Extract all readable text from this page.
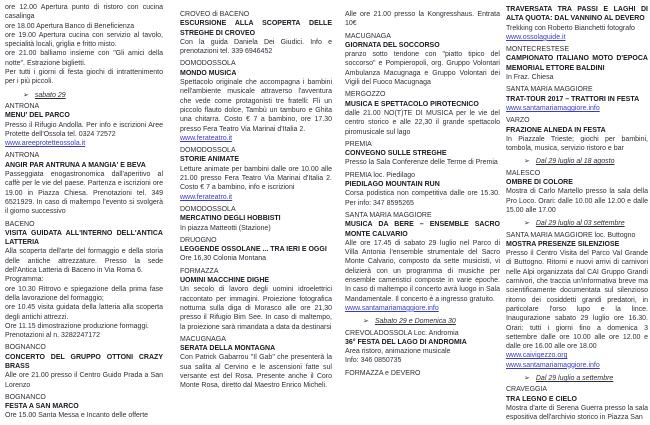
ore 12.00 Apertura punto di ristoro con cucina casalinga
ore 18.00 Apertura Banco di Beneficienza
ore 19.00 Apertura cucina con servizio al tavolo, specialità locali, griglia e fritto misto.
ore 21.00 balliamo insieme con "Gli amici della notte". Estrazione biglietti.
Per tutti i giorni di festa giochi di intrattenimento per i più piccoli.
➢ sabato 29
ANTRONA
MENU' DEL PARCO
Presso il Rifugio Andolla. Per info e iscrizioni Aree Protette dell'Ossola tel. 0324 72572
www.areeprotetteossola.it
ANTRONA
ANGIR PAR ANTRUNA A MANGIA' E BEVA
Passeggiata enogastronomica dall'aperitivo al caffè per le vie del paese. Partenza e iscrizioni ore 19.00 in Piazza Chiesa. Prenotazioni tel. 349 6521929. In caso di maltempo l'evento si svolgerà il giorno successivo
BACENO
VISITA GUIDATA ALL'INTERNO DELL'ANTICA LATTERIA
Alla scoperta dell'arte del formaggio e della storia delle antiche attrezzature. Presso la sede dell'Antica Latteria di Baceno in Via Roma 6.
Programma:
ore 10.30 Ritrovo e spiegazione della prima fase della lavorazione del formaggio;
ore 10.45 visita guidata della latteria alla scoperta degli antichi attrezzi.
Ore 11.15 dimostrazione produzione formaggi.
Prenotazioni al n. 3282247172
BOGNANCO
CONCERTO DEL GRUPPO OTTONI CRAZY BRASS
Alle ore 21.00 presso il Centro Guido Prada a San Lorenzo
BOGNANCO
FESTA A SAN MARCO
Ore 15.00 Santa Messa e Incanto delle offerte
CROVEO di BACENO
ESCURSIONE ALLA SCOPERTA DELLE STREGHE DI CROVEO
Con la guida Daniela Dei Giudici. Info e prenotazioni tel. 339 6946452
DOMODOSSOLA
MONDO MUSICA
Spettacolo originale che accompagna i bambini nell'ambiente musicale attraverso l'avventura che vede come protagonisti tre fratelli: Fli un piccolo flauto dolce, Tambù un tamburo e Ghita una chitarra. Costo € 7 a bambino, ore 17.30 presso Fera Teatro Via Marinai d'Italia 2.
www.ferateatro.it
DOMODOSSOLA
STORIE ANIMATE
Letture animate per bambini dalle ore 10.00 alle 21.00 presso Fera Teatro Via Marinai d'Italia 2. Costo € 7 a bambino, info e iscrizioni
www.ferateatro.it
DOMODOSSOLA
MERCATINO DEGLI HOBBISTI
In piazza Matteotti (Stazione)
DRUOGNO
LEGGENDE OSSOLANE ... TRA IERI E OGGI
Ore 16,30 Colonia Montana
FORMAZZA
UOMINI MACCHINE DIGHE
Un secolo di lavoro degli uomini idroelettrici raccontato per immagini. Proiezione fotografica notturna sulla diga di Morasco alle ore 21,30 presso il Rifugio Bim See. In caso di maltempo, la proiezione sarà rimandata a data da destinarsi
MACUGNAGA
SERATA DELLA MONTAGNA
Con Patrick Gabarrou "Il Gab" che presenterà la sua salita al Cervino e le ascensioni fatte sul versante est del Rosa. Presente anche il Coro Monte Rosa, diretto dal Maestro Enrico Micheli.
Alle ore 21.00 presso la Kongresshaus. Entrata 10€
MACUGNAGA
GIORNATA DEL SOCCORSO
pranzo sotto tendone con "piatto tipico del soccorso" e Pompieropoli, org. Gruppo Volontari Ambulanza Macugnaga e Gruppo Volontari dei Vigili del Fuoco Macugnaga
MERGOZZO
MUSICA E SPETTACOLO PIROTECNICO
dalle 21.00 NO(T)TE DI MUSICA per le vie del centro storico e alle 22,30 il grande spettacolo piromusicale sul lago
PREMIA
CONVEGNO SULLE STREGHE
Presso la Sala Conferenze delle Terme di Premia
PREMIA loc. Piedilago
PIEDILAGO MOUNTAIN RUN
Corsa podistica non competitiva dalle ore 15.30. Per info: 347 8595265
SANTA MARIA MAGGIORE
MUSICA DA BERE – ENSEMBLE SACRO MONTE CALVARIO
Alle ore 17.45 di sabato 29 luglio nel Parco di Villa Antonia l'ensemble strumentale del Sacro Monte Calvario, composto da sette musicisti, vi delizierà con un programma di musiche per ensemble cameristici composte in varie epoche. In caso di maltempo il concerto avrà luogo in Sala Mandamentale. Il concerto è a ingresso gratuito.
www.santamariamaggiore.info
➢ Sabato 29 e Domenica 30
CREVOLADOSSOLA Loc. Andromia
36° FESTA DEL LAGO DI ANDROMIA
Area ristoro, animazione musicale
Info: 346 0850735
FORMAZZA e DEVERO
TRAVERSATA TRA PASSI E LAGHI DI ALTA QUOTA: DAL VANNINO AL DEVERO
Trekking con Roberto Bianchetti fotografo
www.ossolaguide.it
MONTECRESTESE
CAMPIONATO ITALIANO MOTO D'EPOCA MEMORIAL ETTORE BALDINI
In Fraz. Chiesa
SANTA MARIA MAGGIORE
TRAT-TOUR 2017 – TRATTORI IN FESTA
www.santamariamaggiore.info
VARZO
FRAZIONE ALNEDA IN FESTA
In Piazzale Trieste; giochi per bambini, tombola, musica, servizio ristoro e bar
➢ Dal 29 luglio al 18 agosto
MALESCO
OMBRE DI COLORE
Mostra di Carlo Martello presso la sala della Pro Loco. Orari: dalle 10.00 alle 12.00 e dalle 15.00 alle 17.00
➢ Dal 29 luglio al 03 settembre
SANTA MARIA MAGGIORE loc. Buttogno
MOSTRA PRESENZE SILENZIOSE
Presso il Centro Visita del Parco Val Grande di Buttogno. Ritorni e nuovi arrivi di carnivori nelle Alpi organizzata dal CAI Gruppo Grandi carnivori, che traccia un'informativa breve ma scientificamente documentata sul silenzioso ritorno dei cosiddetti grandi predatori, in particolare l'orso lupo e la lince. Inaugurazione sabato 29 luglio ore 16.30. Orari: tutti i giorni fino a domenica 3 settembre dalle ore 10.00 alle ore 12.00 e dalle ore 16.00 alle ore 18.00
www.caivigezzo.org
www.santamariamaggiore.info
➢ Dal 29 luglio a settembre
CRAVEGGIA
TRA LEGNO E CIELO
Mostra d'arte di Serena Guerra presso la sala espositiva dell'archivio storico in Piazza San
